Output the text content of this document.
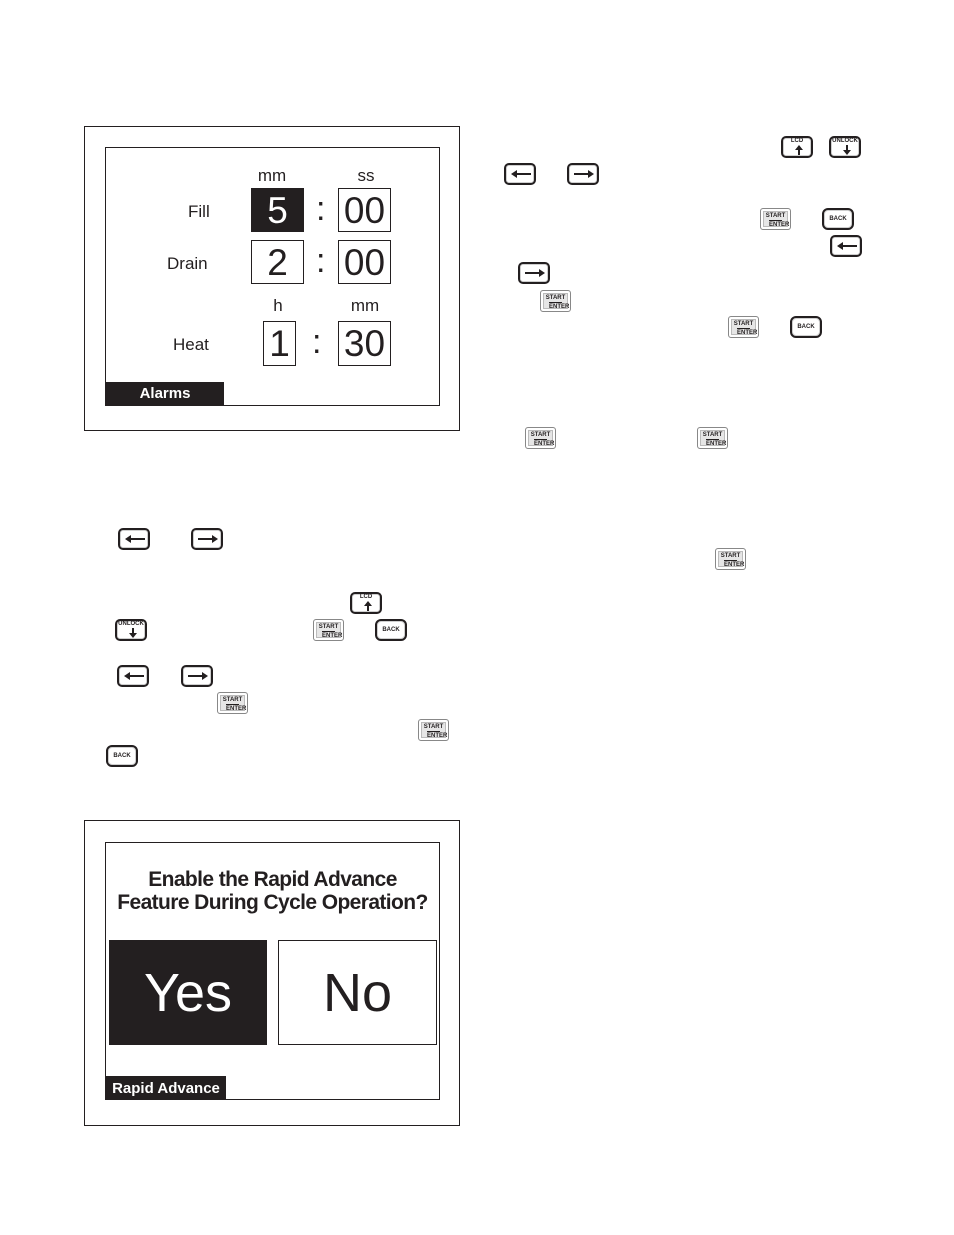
mm	ss
Fill	5 : 00
Drain	2 : 00
h	mm
Heat 1 : 30
Alarms
Enable the Rapid Advance
Feature During Cycle Operation?
Yes	No
Rapid Advance
LCD	UNLOCK
START
ENTER
BACK
START
ENTER
START
ENTER
BACK
START
ENTER
START
ENTER
START
ENTER
LCD
UNLOCK	START
ENTER
BACK
START
ENTER
START
ENTER
BACK
